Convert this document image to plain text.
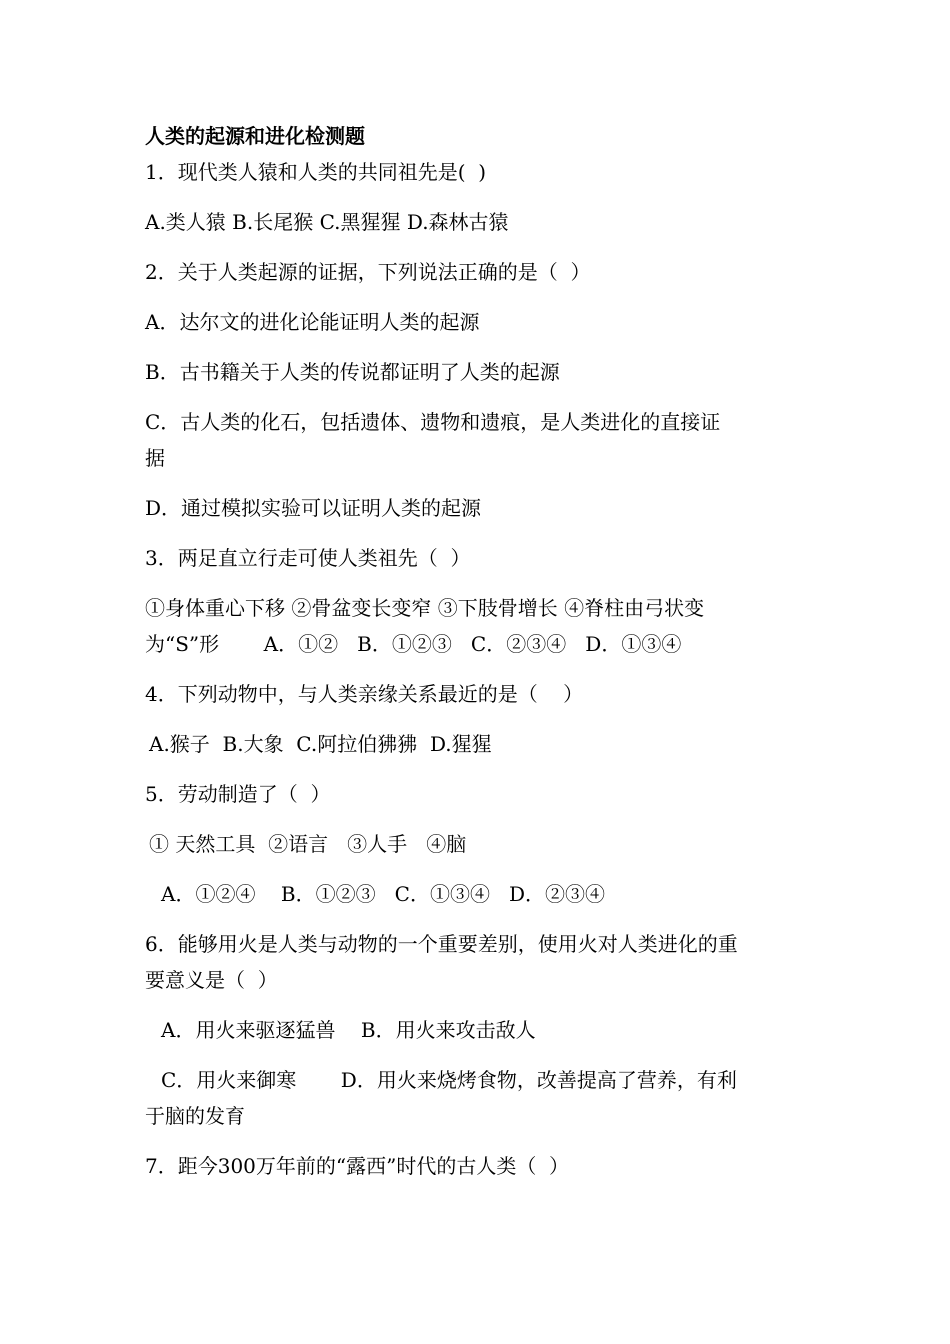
人类的起源和进化检测题
1．现代类人猿和人类的共同祖先是(  )
A.类人猿 B.长尾猴 C.黑猩猩 D.森林古猿
2．关于人类起源的证据，下列说法正确的是（  ）
A．达尔文的进化论能证明人类的起源
B．古书籍关于人类的传说都证明了人类的起源
C．古人类的化石，包括遗体、遗物和遗痕，是人类进化的直接证
据
D．通过模拟实验可以证明人类的起源
3．两足直立行走可使人类祖先（  ）
①身体重心下移 ②骨盆变长变窄 ③下肢骨增长 ④脊柱由弓状变
为“S”形       A．①②   B．①②③   C．②③④   D．①③④
4．下列动物中，与人类亲缘关系最近的是（    ）
A.猴子  B.大象  C.阿拉伯狒狒  D.猩猩
5．劳动制造了（  ）
① 天然工具  ②语言   ③人手   ④脑
A．①②④    B．①②③   C．①③④   D．②③④
6．能够用火是人类与动物的一个重要差别，使用火对人类进化的重
要意义是（  ）
A．用火来驱逐猛兽    B．用火来攻击敌人
C．用火来御寒       D．用火来烧烤食物，改善提高了营养，有利
于脑的发育
7．距今300万年前的“露西”时代的古人类（  ）
